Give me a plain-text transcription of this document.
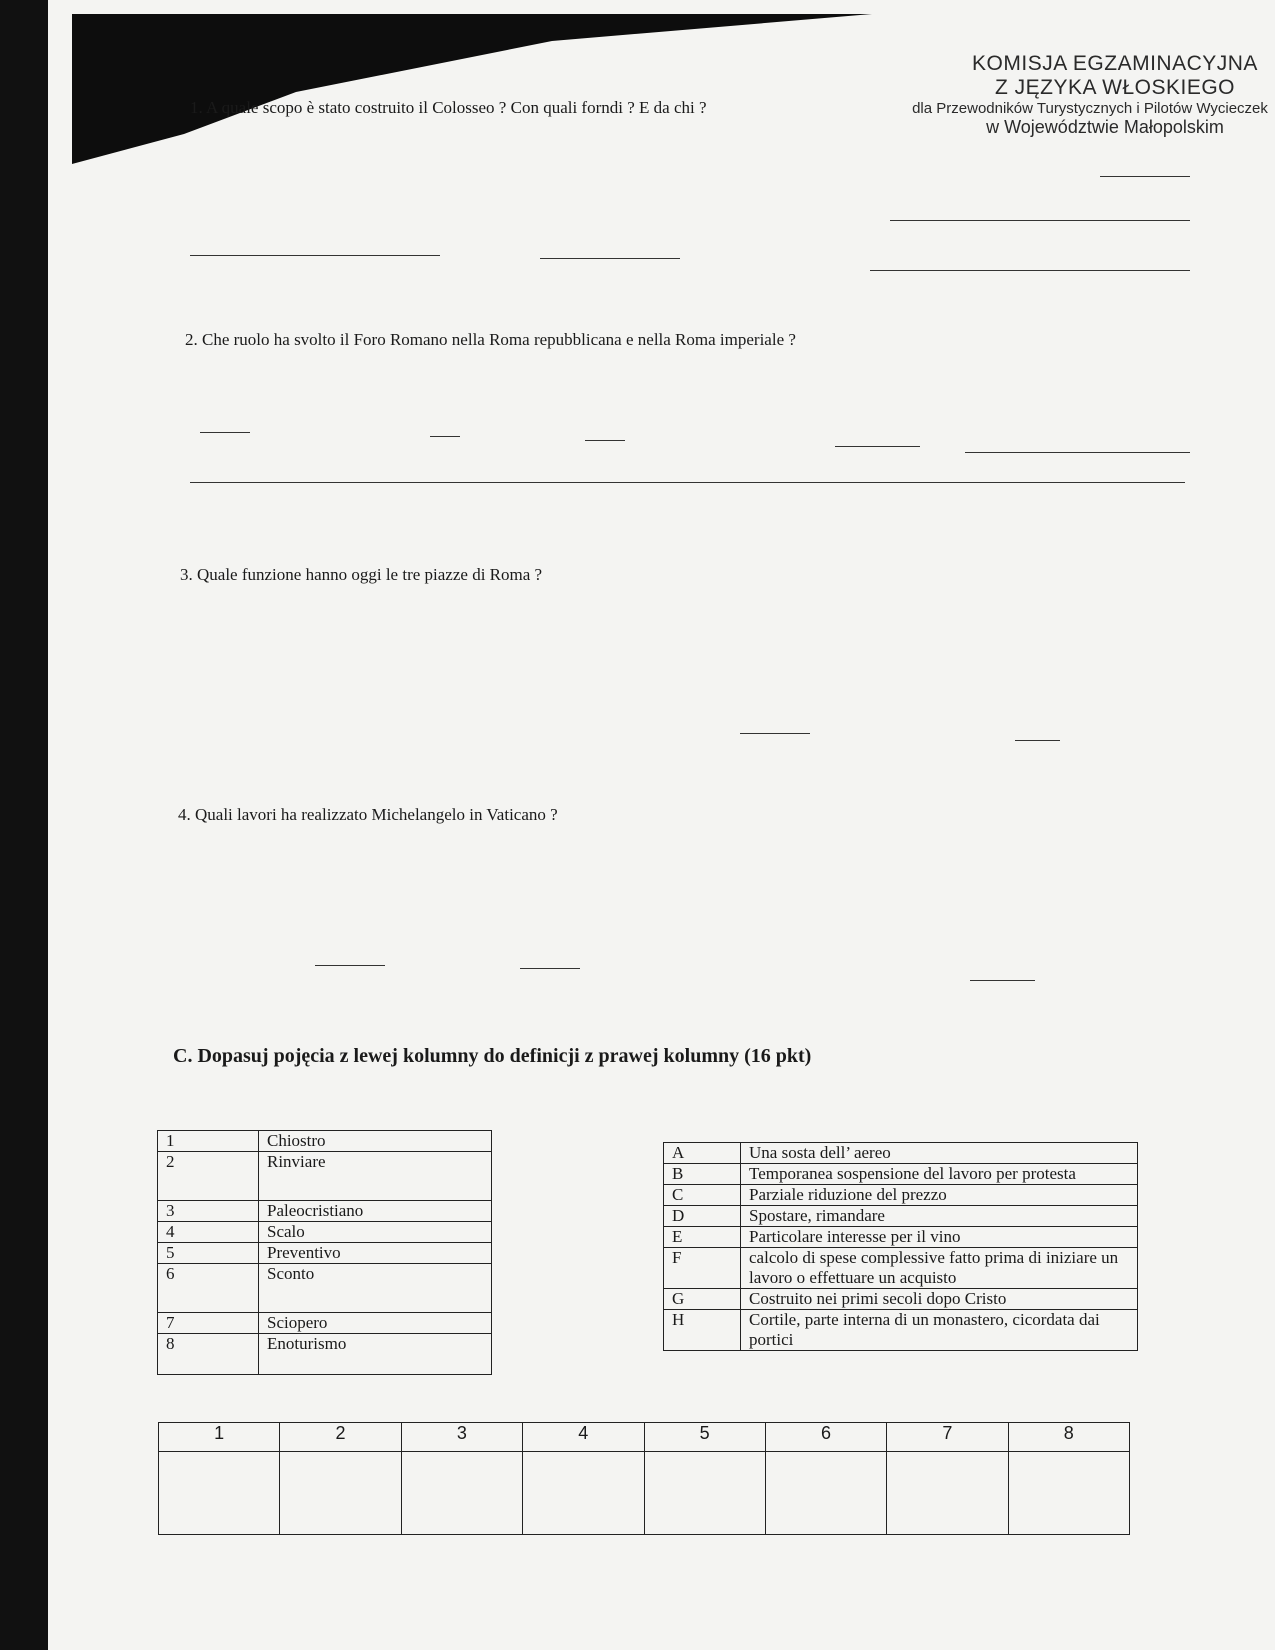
KOMISJA EGZAMINACYJNA
Z JĘZYKA WŁOSKIEGO
dla Przewodników Turystycznych i Pilotów Wycieczek
w Województwie Małopolskim
1. A quale scopo è stato costruito il Colosseo ? Con quali forndi ? E da chi ?
2. Che ruolo ha svolto il Foro Romano nella Roma repubblicana e nella Roma imperiale ?
3. Quale funzione hanno oggi le tre piazze di Roma ?
4. Quali lavori ha realizzato Michelangelo in Vaticano ?
C. Dopasuj pojęcia z lewej kolumny do definicji z prawej kolumny (16 pkt)
1	Chiostro
2	Rinviare
3	Paleocristiano
4	Scalo
5	Preventivo
6	Sconto
7	Sciopero
8	Enoturismo
A	Una sosta dell’ aereo
B	Temporanea sospensione del lavoro per protesta
C	Parziale riduzione del prezzo
D	Spostare, rimandare
E	Particolare interesse per il vino
F	calcolo di spese complessive fatto prima di iniziare un lavoro o effettuare un acquisto
G	Costruito nei primi secoli dopo Cristo
H	Cortile, parte interna di un monastero, cicordata dai portici
1	2	3	4	5	6	7	8
